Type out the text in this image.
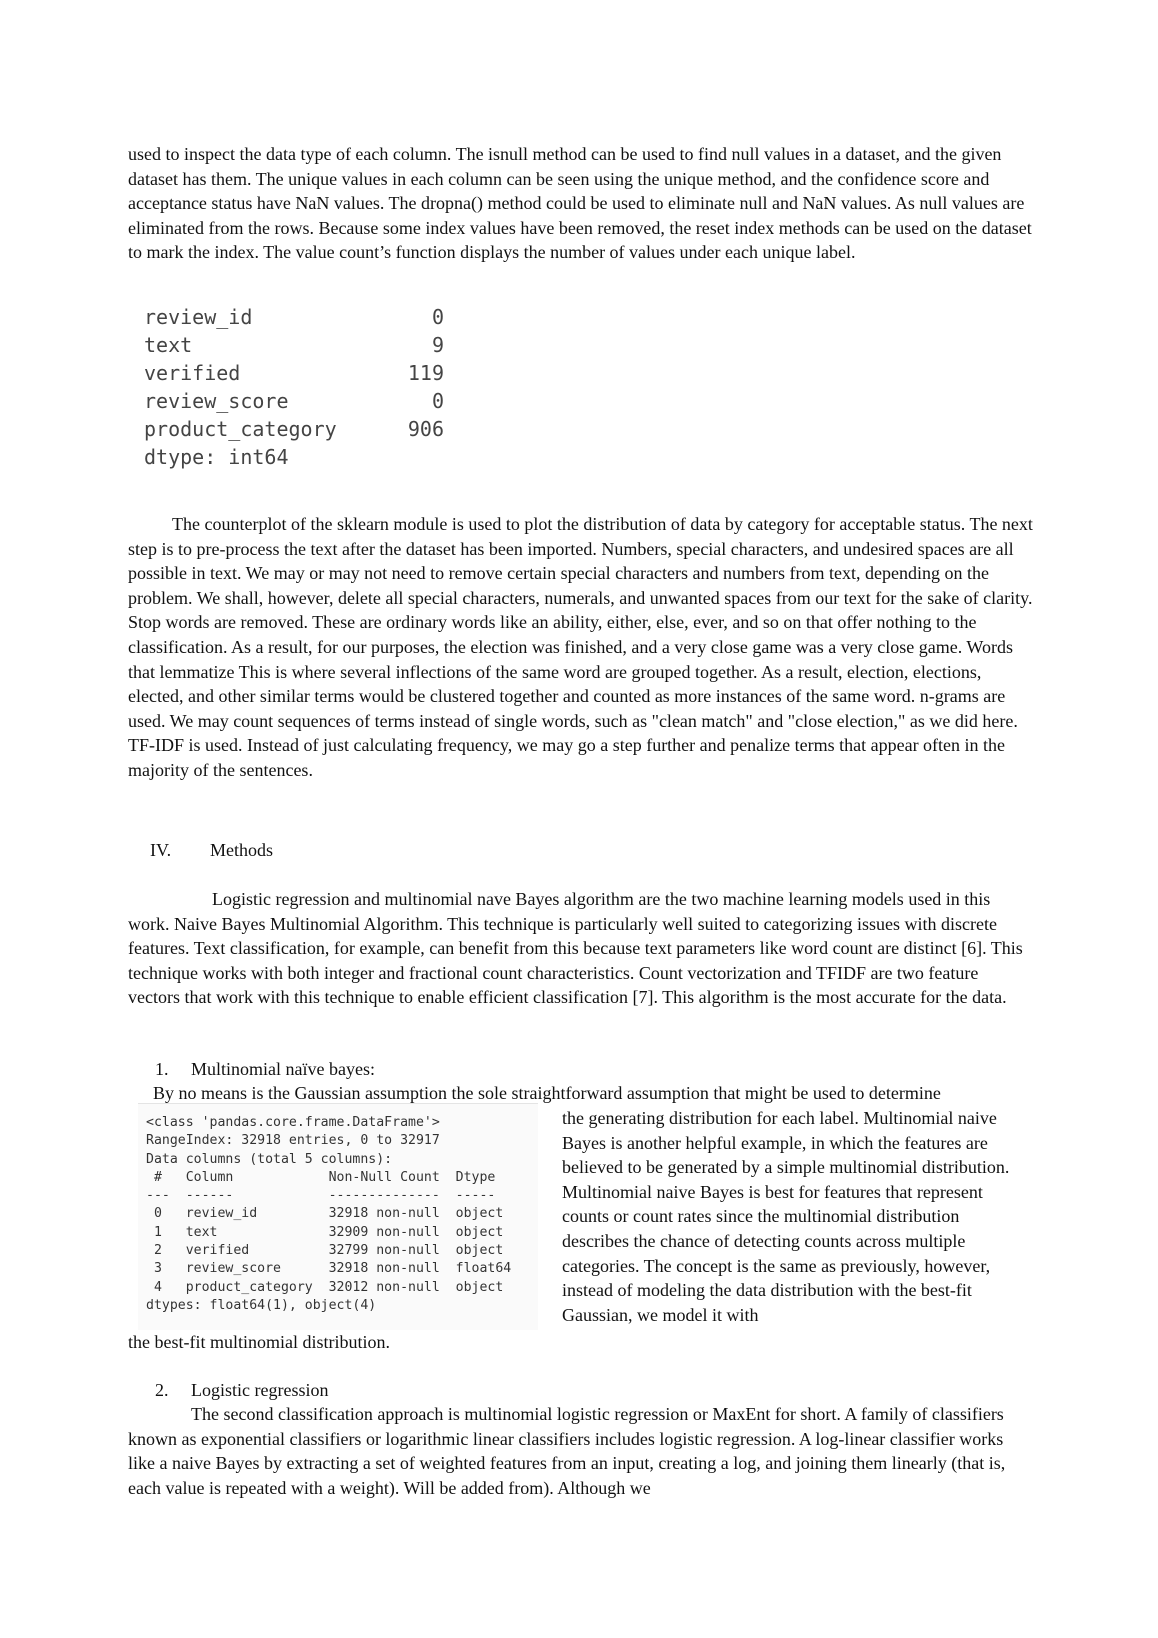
used to inspect the data type of each column. The isnull method can be used to find null values in a dataset, and the given dataset has them. The unique values in each column can be seen using the unique method, and the confidence score and acceptance status have NaN values. The dropna() method could be used to eliminate null and NaN values. As null values are eliminated from the rows. Because some index values have been removed, the reset index methods can be used on the dataset to mark the index. The value count’s function displays the number of values under each unique label.

review_id	0
text	9
verified	119
review_score	0
product_category	906
dtype: int64

The counterplot of the sklearn module is used to plot the distribution of data by category for acceptable status. The next step is to pre-process the text after the dataset has been imported. Numbers, special characters, and undesired spaces are all possible in text. We may or may not need to remove certain special characters and numbers from text, depending on the problem. We shall, however, delete all special characters, numerals, and unwanted spaces from our text for the sake of clarity. Stop words are removed. These are ordinary words like an ability, either, else, ever, and so on that offer nothing to the classification. As a result, for our purposes, the election was finished, and a very close game was a very close game. Words that lemmatize This is where several inflections of the same word are grouped together. As a result, election, elections, elected, and other similar terms would be clustered together and counted as more instances of the same word. n-grams are used. We may count sequences of terms instead of single words, such as "clean match" and "close election," as we did here. TF-IDF is used. Instead of just calculating frequency, we may go a step further and penalize terms that appear often in the majority of the sentences.

IV. Methods

Logistic regression and multinomial nave Bayes algorithm are the two machine learning models used in this work. Naive Bayes Multinomial Algorithm. This technique is particularly well suited to categorizing issues with discrete features. Text classification, for example, can benefit from this because text parameters like word count are distinct [6]. This technique works with both integer and fractional count characteristics. Count vectorization and TFIDF are two feature vectors that work with this technique to enable efficient classification [7]. This algorithm is the most accurate for the data.

1. Multinomial naïve bayes:

By no means is the Gaussian assumption the sole straightforward assumption that might be used to determine

<class 'pandas.core.frame.DataFrame'>
RangeIndex: 32918 entries, 0 to 32917
Data columns (total 5 columns):
#   Column            Non-Null Count  Dtype
---  ------            --------------  -----
0   review_id         32918 non-null  object
1   text              32909 non-null  object
2   verified          32799 non-null  object
3   review_score      32918 non-null  float64
4   product_category  32012 non-null  object
dtypes: float64(1), object(4)

the generating distribution for each label. Multinomial naive Bayes is another helpful example, in which the features are believed to be generated by a simple multinomial distribution. Multinomial naive Bayes is best for features that represent counts or count rates since the multinomial distribution describes the chance of detecting counts across multiple categories. The concept is the same as previously, however, instead of modeling the data distribution with the best-fit Gaussian, we model it with

the best-fit multinomial distribution.

2. Logistic regression

The second classification approach is multinomial logistic regression or MaxEnt for short. A family of classifiers known as exponential classifiers or logarithmic linear classifiers includes logistic regression. A log-linear classifier works like a naive Bayes by extracting a set of weighted features from an input, creating a log, and joining them linearly (that is, each value is repeated with a weight). Will be added from). Although we
